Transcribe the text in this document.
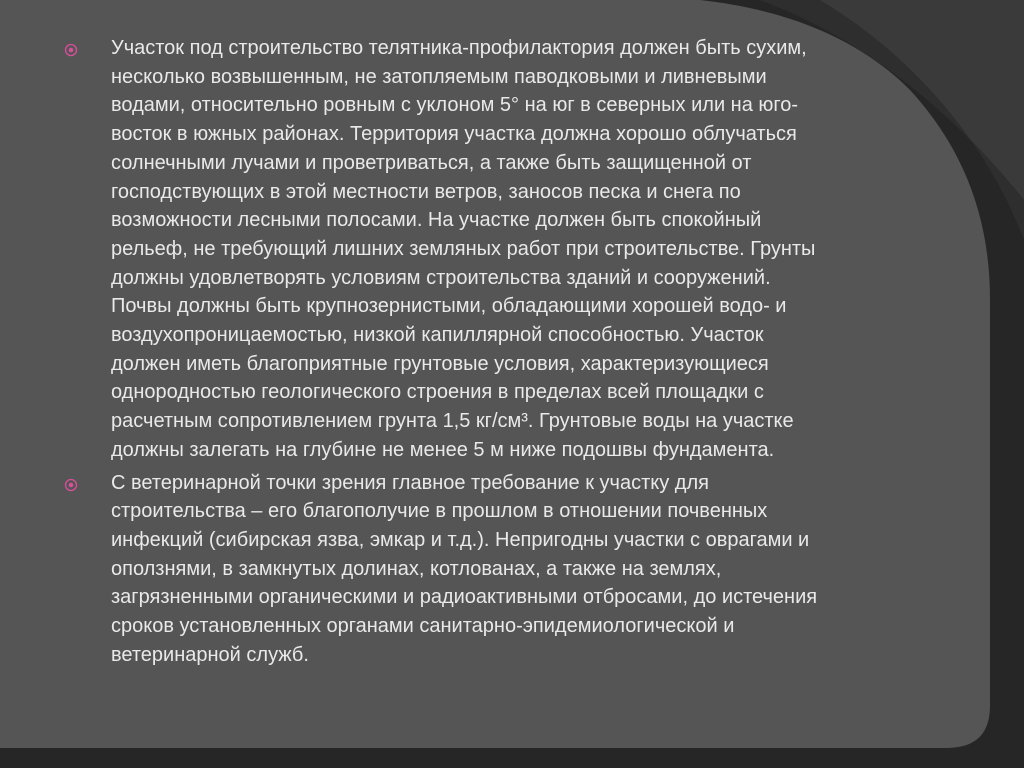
Участок под строительство телятника-профилактория должен быть сухим,
несколько возвышенным, не затопляемым паводковыми и ливневыми
водами, относительно ровным с уклоном 5° на юг в северных или на юго-
восток в южных районах. Территория участка должна хорошо облучаться
солнечными лучами и проветриваться, а также быть защищенной от
господствующих в этой местности ветров, заносов песка и снега по
возможности лесными полосами. На участке должен быть спокойный
рельеф, не требующий лишних земляных работ при строительстве. Грунты
должны удовлетворять условиям строительства зданий и сооружений.
Почвы должны быть крупнозернистыми, обладающими хорошей водо- и
воздухопроницаемостью, низкой капиллярной способностью. Участок
должен иметь благоприятные грунтовые условия, характеризующиеся
однородностью геологического строения в пределах всей площадки с
расчетным сопротивлением грунта 1,5 кг/см³. Грунтовые воды на участке
должны залегать на глубине не менее 5 м ниже подошвы фундамента.

С ветеринарной точки зрения главное требование к участку для
строительства – его благополучие в прошлом в отношении почвенных
инфекций (сибирская язва, эмкар и т.д.). Непригодны участки с оврагами и
оползнями, в замкнутых долинах, котлованах, а также на землях,
загрязненными органическими и радиоактивными отбросами, до истечения
сроков установленных органами санитарно-эпидемиологической и
ветеринарной служб.
